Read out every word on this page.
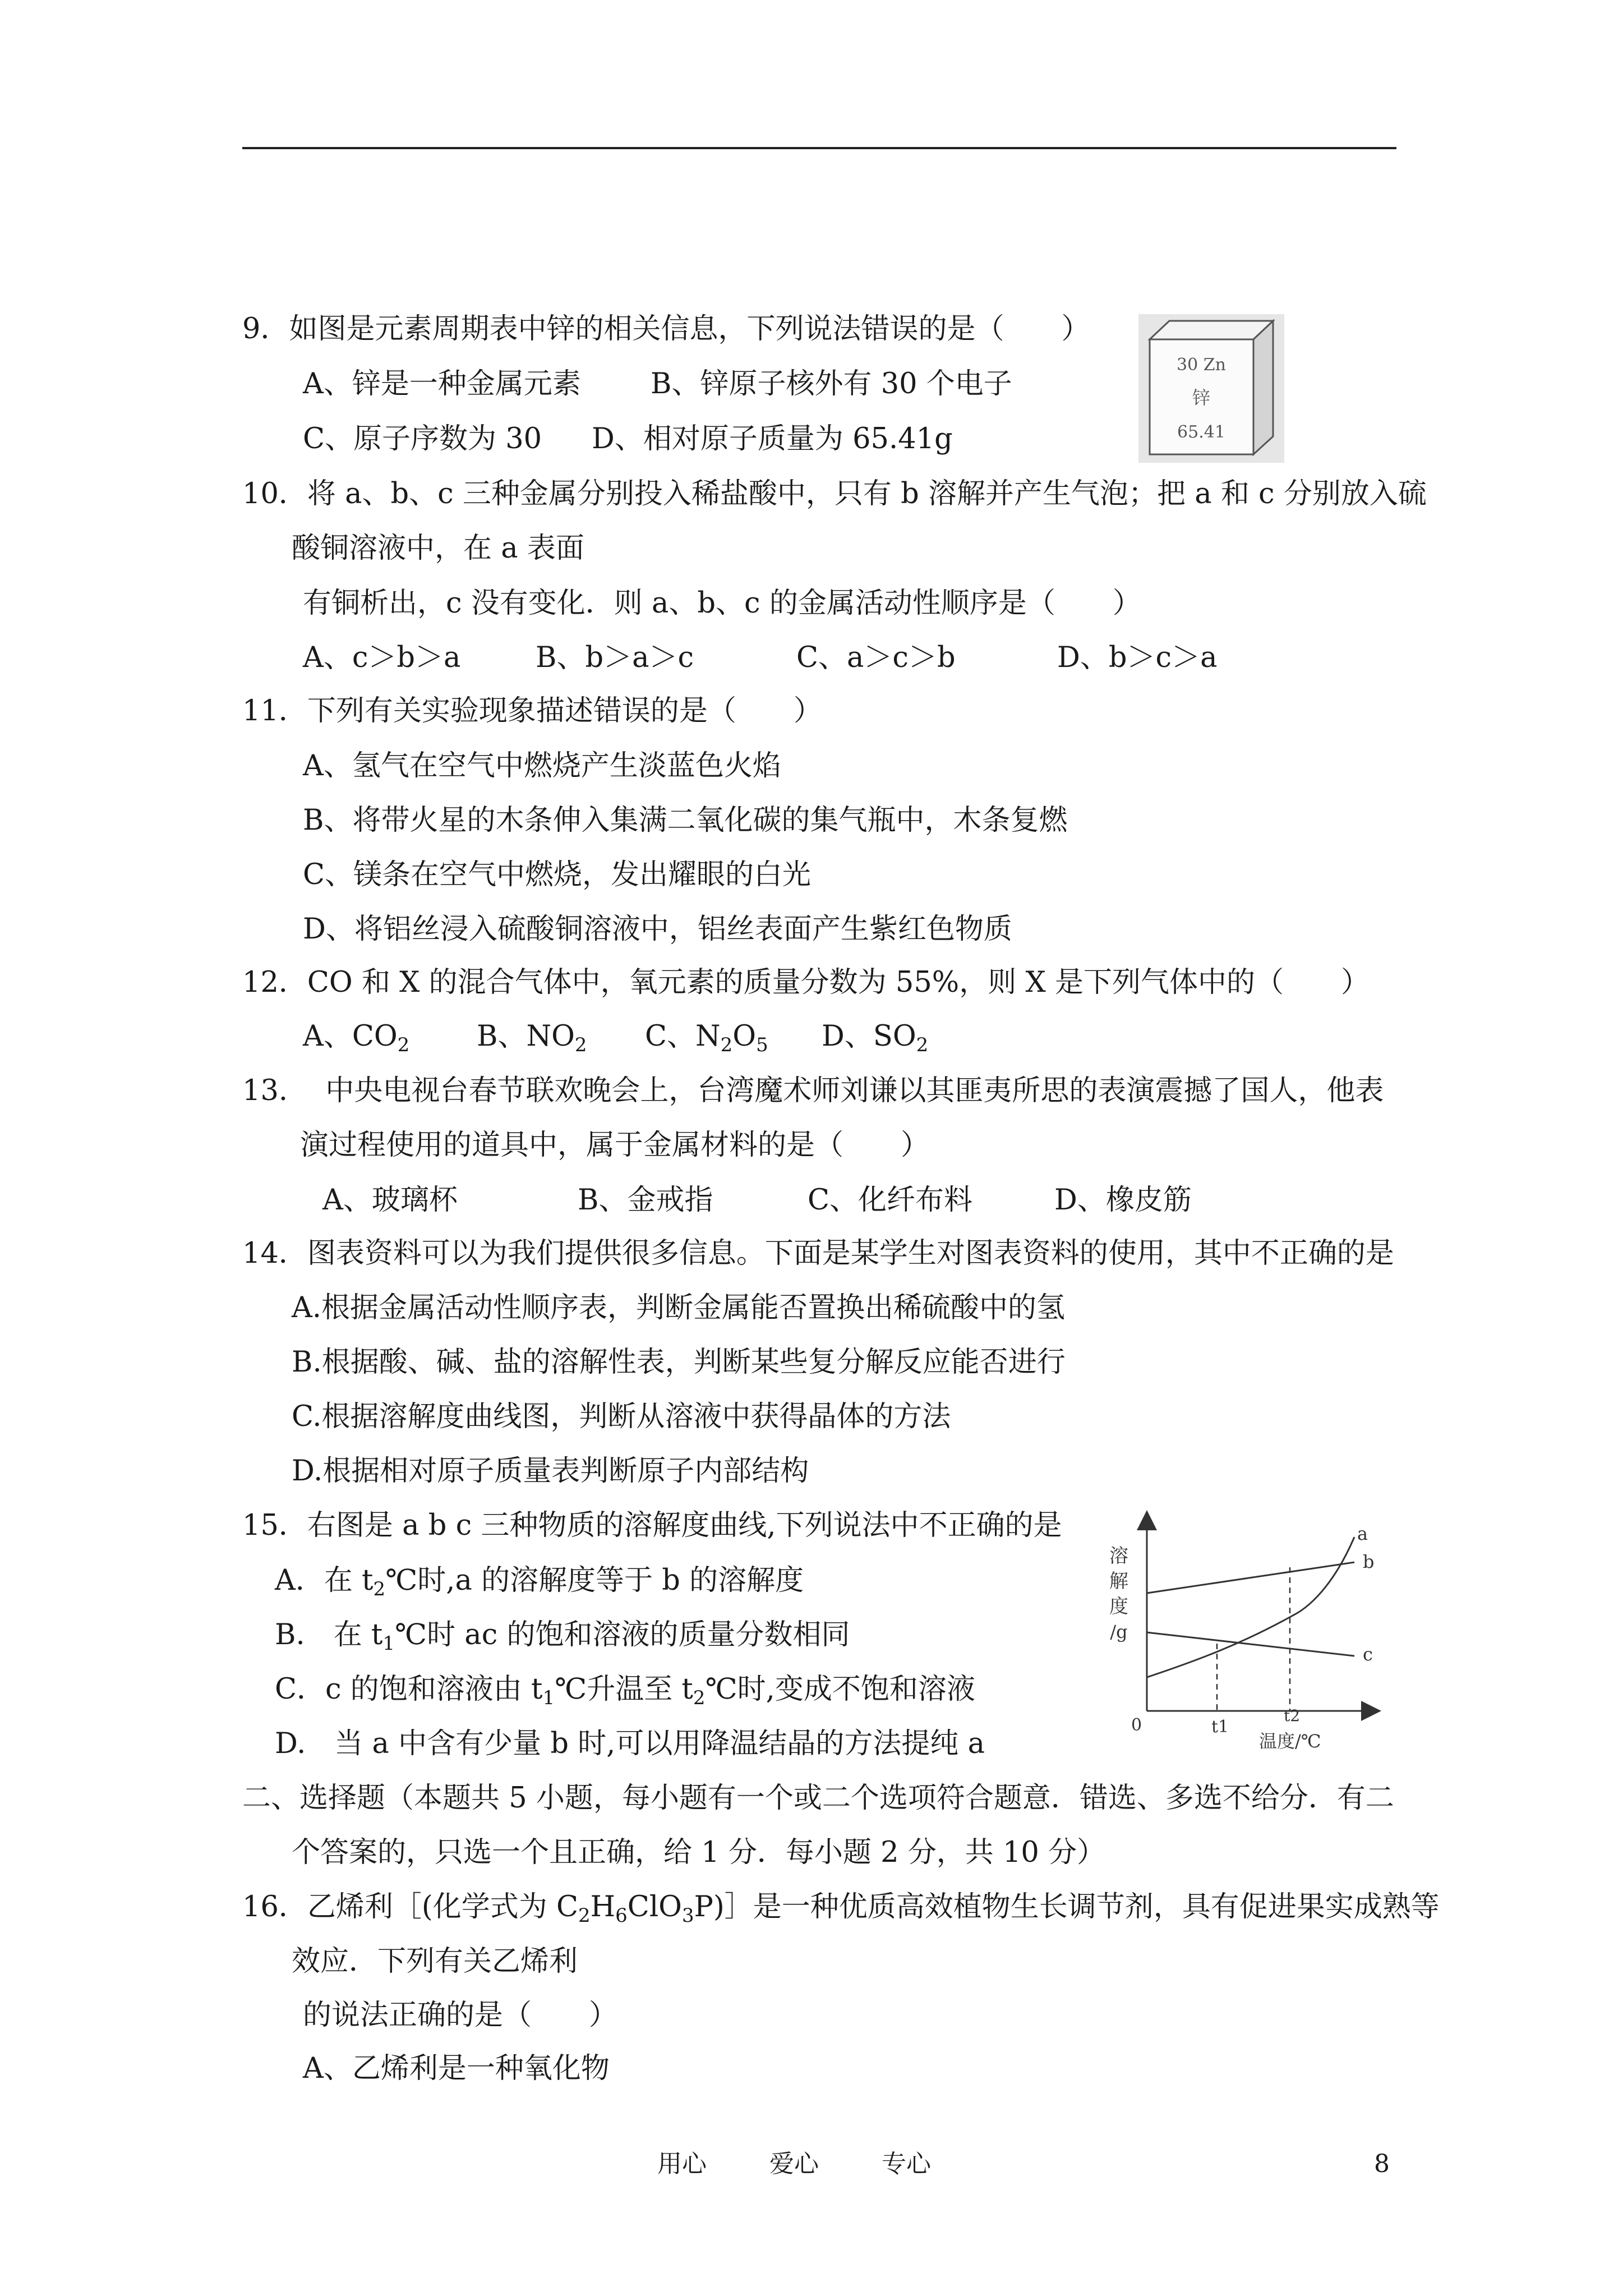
9．如图是元素周期表中锌的相关信息，下列说法错误的是（　　）
A、锌是一种金属元素 B、锌原子核外有 30 个电子
C、原子序数为 30 D、相对原子质量为 65.41g
30 Zn
锌
65.41
10．将 a、b、c 三种金属分别投入稀盐酸中，只有 b 溶解并产生气泡；把 a 和 c 分别放入硫
酸铜溶液中，在 a 表面
有铜析出，c 没有变化．则 a、b、c 的金属活动性顺序是（　　）
A、c＞b＞a	B、b＞a＞c	C、a＞c＞b	D、b＞c＞a
11．下列有关实验现象描述错误的是（　　）
A、氢气在空气中燃烧产生淡蓝色火焰
B、将带火星的木条伸入集满二氧化碳的集气瓶中，木条复燃
C、镁条在空气中燃烧，发出耀眼的白光
D、将铝丝浸入硫酸铜溶液中，铝丝表面产生紫红色物质
12．CO 和 X 的混合气体中，氧元素的质量分数为 55%，则 X 是下列气体中的（　　）
A、$CO_2$ B、$NO_2$ C、$N_2O_5$ D、$SO_2$
13.　 中央电视台春节联欢晚会上，台湾魔术师刘谦以其匪夷所思的表演震撼了国人，他表
演过程使用的道具中，属于金属材料的是（　　）
A、玻璃杯	B、金戒指	C、化纤布料	D、橡皮筋
14．图表资料可以为我们提供很多信息。下面是某学生对图表资料的使用，其中不正确的是
A.根据金属活动性顺序表，判断金属能否置换出稀硫酸中的氢
B.根据酸、碱、盐的溶解性表，判断某些复分解反应能否进行
C.根据溶解度曲线图，判断从溶液中获得晶体的方法
D.根据相对原子质量表判断原子内部结构
15．右图是 a b c 三种物质的溶解度曲线,下列说法中不正确的是
A．在 $t_2℃$时,a 的溶解度等于 b 的溶解度
B.　在 $t_1℃$时 ac 的饱和溶液的质量分数相同
C．c 的饱和溶液由 $t_1℃$升温至 $t_2℃$时,变成不饱和溶液
D.　当 a 中含有少量 b 时,可以用降温结晶的方法提纯 a
溶
解
度
/g
a
b
c
0	t1
t2
温度/℃
二、选择题（本题共 5 小题，每小题有一个或二个选项符合题意．错选、多选不给分．有二
个答案的，只选一个且正确，给 1 分．每小题 2 分，共 10 分）
16．乙烯利［(化学式为 $C_2H_6ClO_3P)]$是一种优质高效植物生长调节剂，具有促进果实成熟等
效应．下列有关乙烯利
的说法正确的是（　　）
A、乙烯利是一种氧化物
用心	爱心	专心	8
